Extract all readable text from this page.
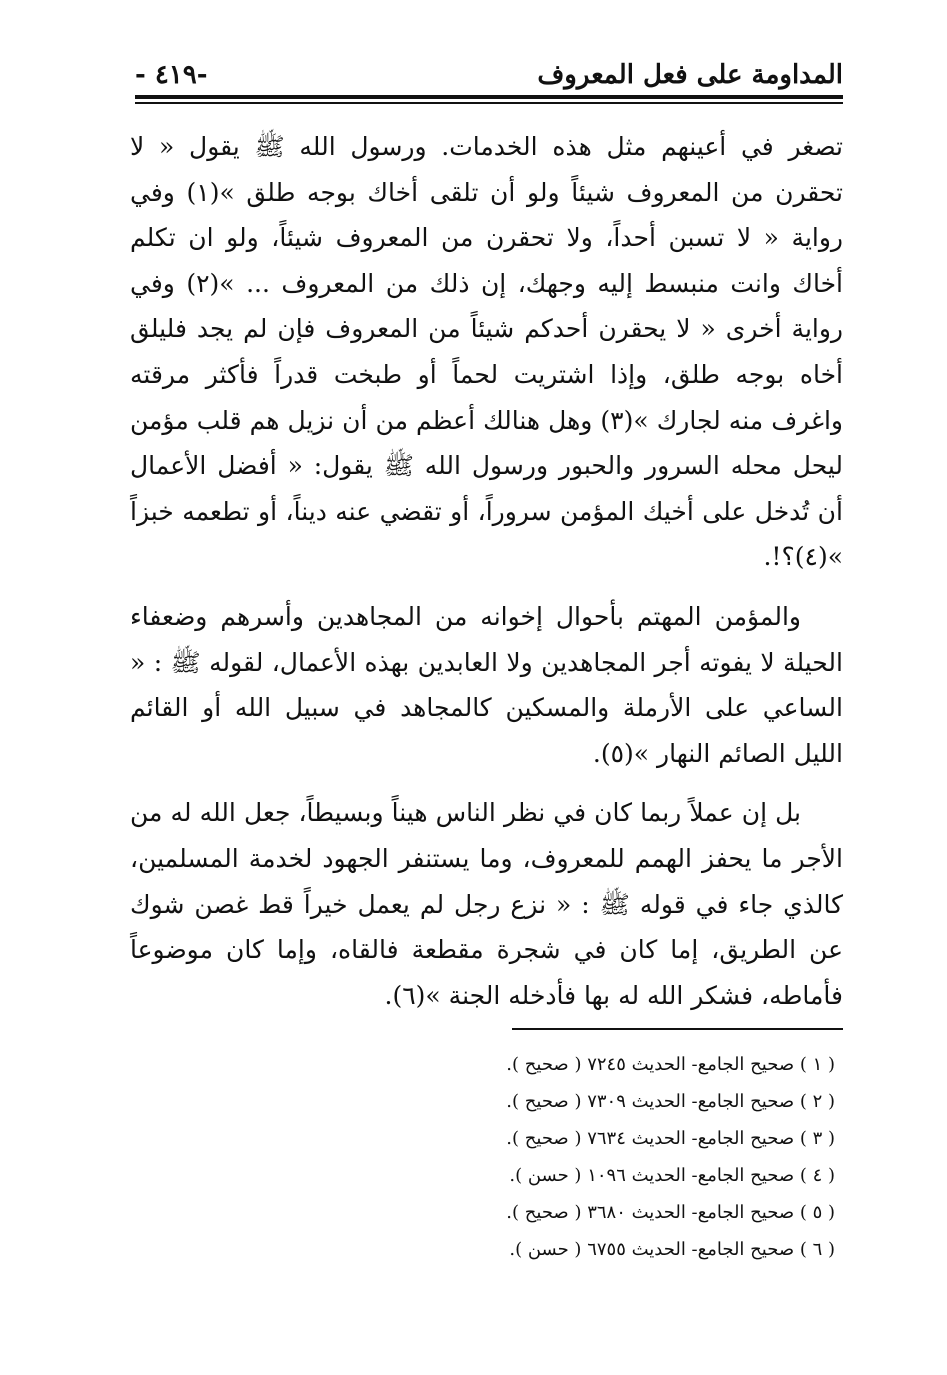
المداومة على فعل المعروف
-٤١٩ -

تصغر في أعينهم مثل هذه الخدمات. ورسول الله ﷺ يقول « لا تحقرن من المعروف شيئاً ولو أن تلقى أخاك بوجه طلق »(١) وفي رواية « لا تسبن أحداً، ولا تحقرن من المعروف شيئاً، ولو ان تكلم أخاك وانت منبسط إليه وجهك، إن ذلك من المعروف ... »(٢) وفي رواية أخرى « لا يحقرن أحدكم شيئاً من المعروف فإن لم يجد فليلق أخاه بوجه طلق، وإذا اشتريت لحماً أو طبخت قدراً فأكثر مرقته واغرف منه لجارك »(٣) وهل هنالك أعظم من أن نزيل هم قلب مؤمن ليحل محله السرور والحبور ورسول الله ﷺ يقول: « أفضل الأعمال أن تُدخل على أخيك المؤمن سروراً، أو تقضي عنه ديناً، أو تطعمه خبزاً »(٤)؟!.

والمؤمن المهتم بأحوال إخوانه من المجاهدين وأسرهم وضعفاء الحيلة لا يفوته أجر المجاهدين ولا العابدين بهذه الأعمال، لقوله ﷺ : « الساعي على الأرملة والمسكين كالمجاهد في سبيل الله أو القائم الليل الصائم النهار »(٥).

بل إن عملاً ربما كان في نظر الناس هيناً وبسيطاً، جعل الله له من الأجر ما يحفز الهمم للمعروف، وما يستنفر الجهود لخدمة المسلمين، كالذي جاء في قوله ﷺ : « نزع رجل لم يعمل خيراً قط غصن شوك عن الطريق، إما كان في شجرة مقطعة فالقاه، وإما كان موضوعاً فأماطه، فشكر الله له بها فأدخله الجنة »(٦).

( ١ ) صحيح الجامع- الحديث ٧٢٤٥ ( صحيح ).
( ٢ ) صحيح الجامع- الحديث ٧٣٠٩ ( صحيح ).
( ٣ ) صحيح الجامع- الحديث ٧٦٣٤ ( صحيح ).
( ٤ ) صحيح الجامع- الحديث ١٠٩٦ ( حسن ).
( ٥ ) صحيح الجامع- الحديث ٣٦٨٠ ( صحيح ).
( ٦ ) صحيح الجامع- الحديث ٦٧٥٥ ( حسن ).
